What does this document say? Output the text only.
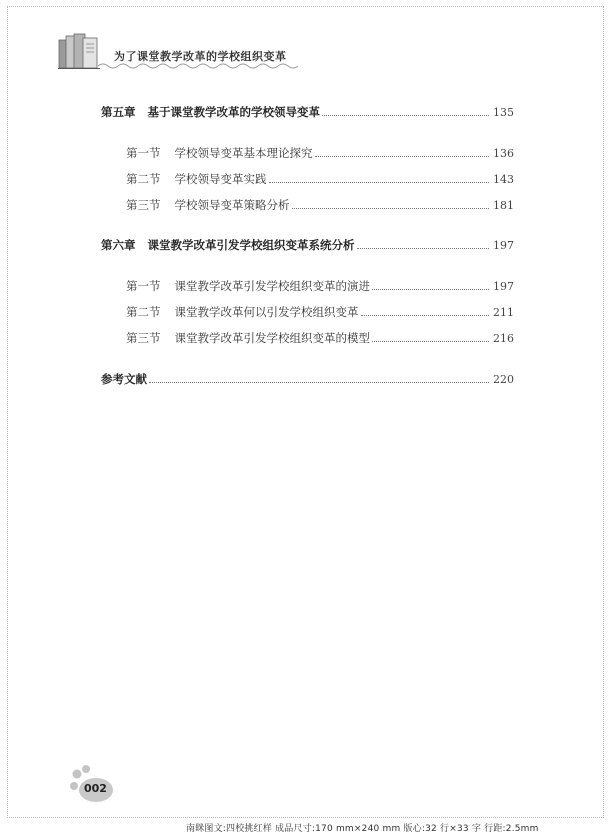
为了课堂教学改革的学校组织变革
第五章 基于课堂教学改革的学校领导变革	135
第一节 学校领导变革基本理论探究	136
第二节 学校领导变革实践	143
第三节 学校领导变革策略分析	181
第六章 课堂教学改革引发学校组织变革系统分析	197
第一节 课堂教学改革引发学校组织变革的演进	197
第二节 课堂教学改革何以引发学校组织变革	211
第三节 课堂教学改革引发学校组织变革的模型	216
参考文献	220
002
南眯图文:四校挑红样 成品尺寸:170 mm×240 mm 版心:32 行×33 字 行距:2.5mm
